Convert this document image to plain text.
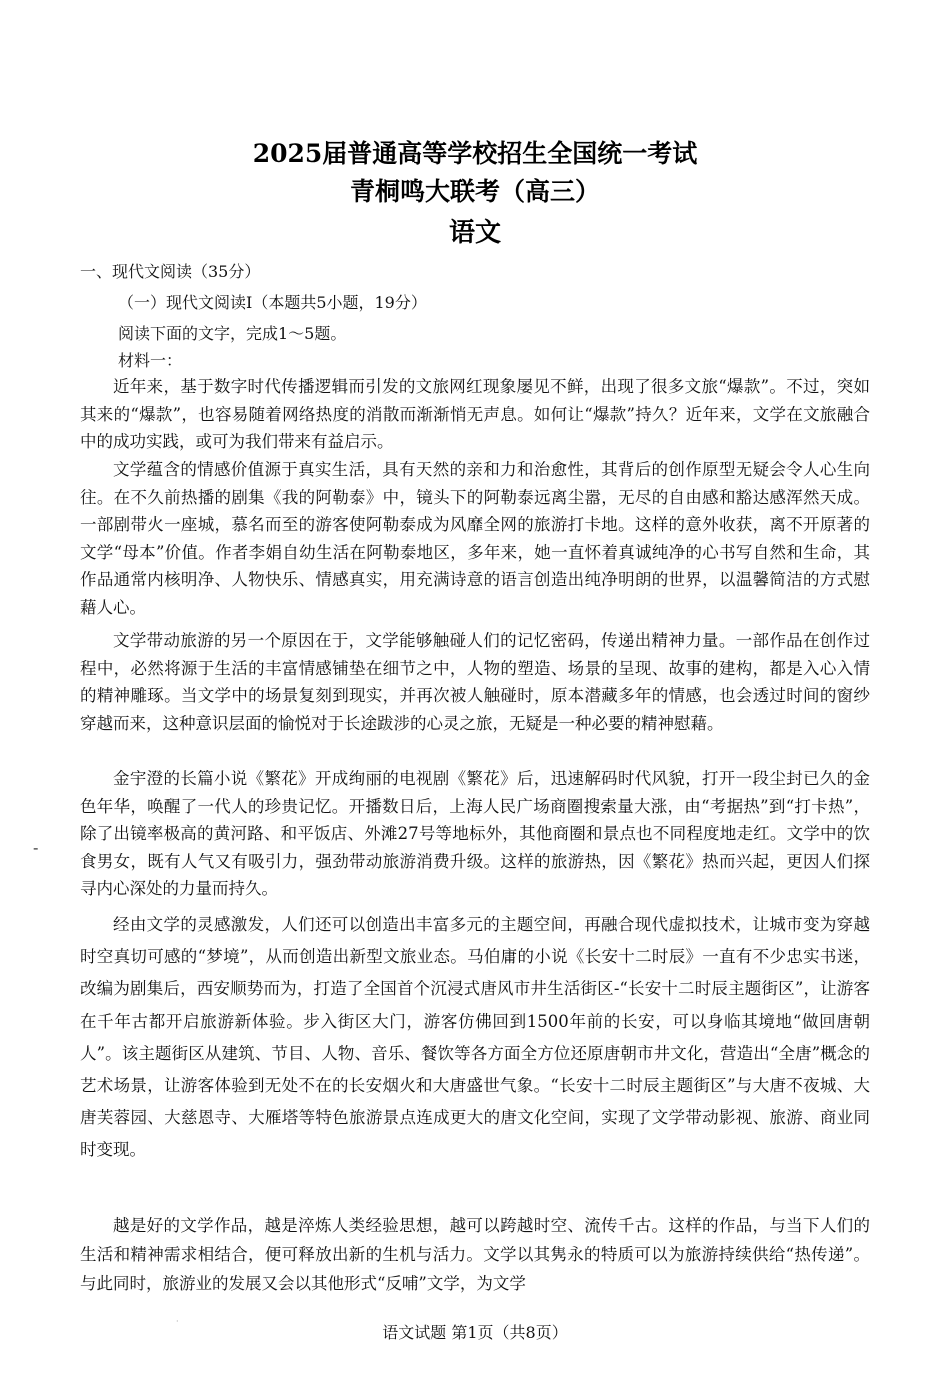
2025届普通高等学校招生全国统一考试
青桐鸣大联考（高三）
语文
一、现代文阅读（35分）
（一）现代文阅读Ⅰ（本题共5小题，19分）
阅读下面的文字，完成1～5题。
材料一：

近年来，基于数字时代传播逻辑而引发的文旅网红现象屡见不鲜，出现了很多文旅“爆款”。不过，突如其来的“爆款”，也容易随着网络热度的消散而渐渐悄无声息。如何让“爆款”持久？近年来，文学在文旅融合中的成功实践，或可为我们带来有益启示。

文学蕴含的情感价值源于真实生活，具有天然的亲和力和治愈性，其背后的创作原型无疑会令人心生向往。在不久前热播的剧集《我的阿勒泰》中，镜头下的阿勒泰远离尘嚣，无尽的自由感和豁达感浑然天成。一部剧带火一座城，慕名而至的游客使阿勒泰成为风靡全网的旅游打卡地。这样的意外收获，离不开原著的文学“母本”价值。作者李娟自幼生活在阿勒泰地区，多年来，她一直怀着真诚纯净的心书写自然和生命，其作品通常内核明净、人物快乐、情感真实，用充满诗意的语言创造出纯净明朗的世界，以温馨简洁的方式慰藉人心。

文学带动旅游的另一个原因在于，文学能够触碰人们的记忆密码，传递出精神力量。一部作品在创作过程中，必然将源于生活的丰富情感铺垫在细节之中，人物的塑造、场景的呈现、故事的建构，都是入心入情的精神雕琢。当文学中的场景复刻到现实，并再次被人触碰时，原本潜藏多年的情感，也会透过时间的窗纱穿越而来，这种意识层面的愉悦对于长途跋涉的心灵之旅，无疑是一种必要的精神慰藉。

金宇澄的长篇小说《繁花》开成绚丽的电视剧《繁花》后，迅速解码时代风貌，打开一段尘封已久的金色年华，唤醒了一代人的珍贵记忆。开播数日后，上海人民广场商圈搜索量大涨，由“考据热”到“打卡热”，除了出镜率极高的黄河路、和平饭店、外滩27号等地标外，其他商圈和景点也不同程度地走红。文学中的饮食男女，既有人气又有吸引力，强劲带动旅游消费升级。这样的旅游热，因《繁花》热而兴起，更因人们探寻内心深处的力量而持久。

经由文学的灵感激发，人们还可以创造出丰富多元的主题空间，再融合现代虚拟技术，让城市变为穿越时空真切可感的“梦境”，从而创造出新型文旅业态。马伯庸的小说《长安十二时辰》一直有不少忠实书迷，改编为剧集后，西安顺势而为，打造了全国首个沉浸式唐风市井生活街区-“长安十二时辰主题街区”，让游客在千年古都开启旅游新体验。步入街区大门，游客仿佛回到1500年前的长安，可以身临其境地“做回唐朝人”。该主题街区从建筑、节目、人物、音乐、餐饮等各方面全方位还原唐朝市井文化，营造出“全唐”概念的艺术场景，让游客体验到无处不在的长安烟火和大唐盛世气象。“长安十二时辰主题街区”与大唐不夜城、大唐芙蓉园、大慈恩寺、大雁塔等特色旅游景点连成更大的唐文化空间，实现了文学带动影视、旅游、商业同时变现。

越是好的文学作品，越是淬炼人类经验思想，越可以跨越时空、流传千古。这样的作品，与当下人们的生活和精神需求相结合，便可释放出新的生机与活力。文学以其隽永的特质可以为旅游持续供给“热传递”。与此同时，旅游业的发展又会以其他形式“反哺”文学，为文学

-
·
语文试题 第1页（共8页）
